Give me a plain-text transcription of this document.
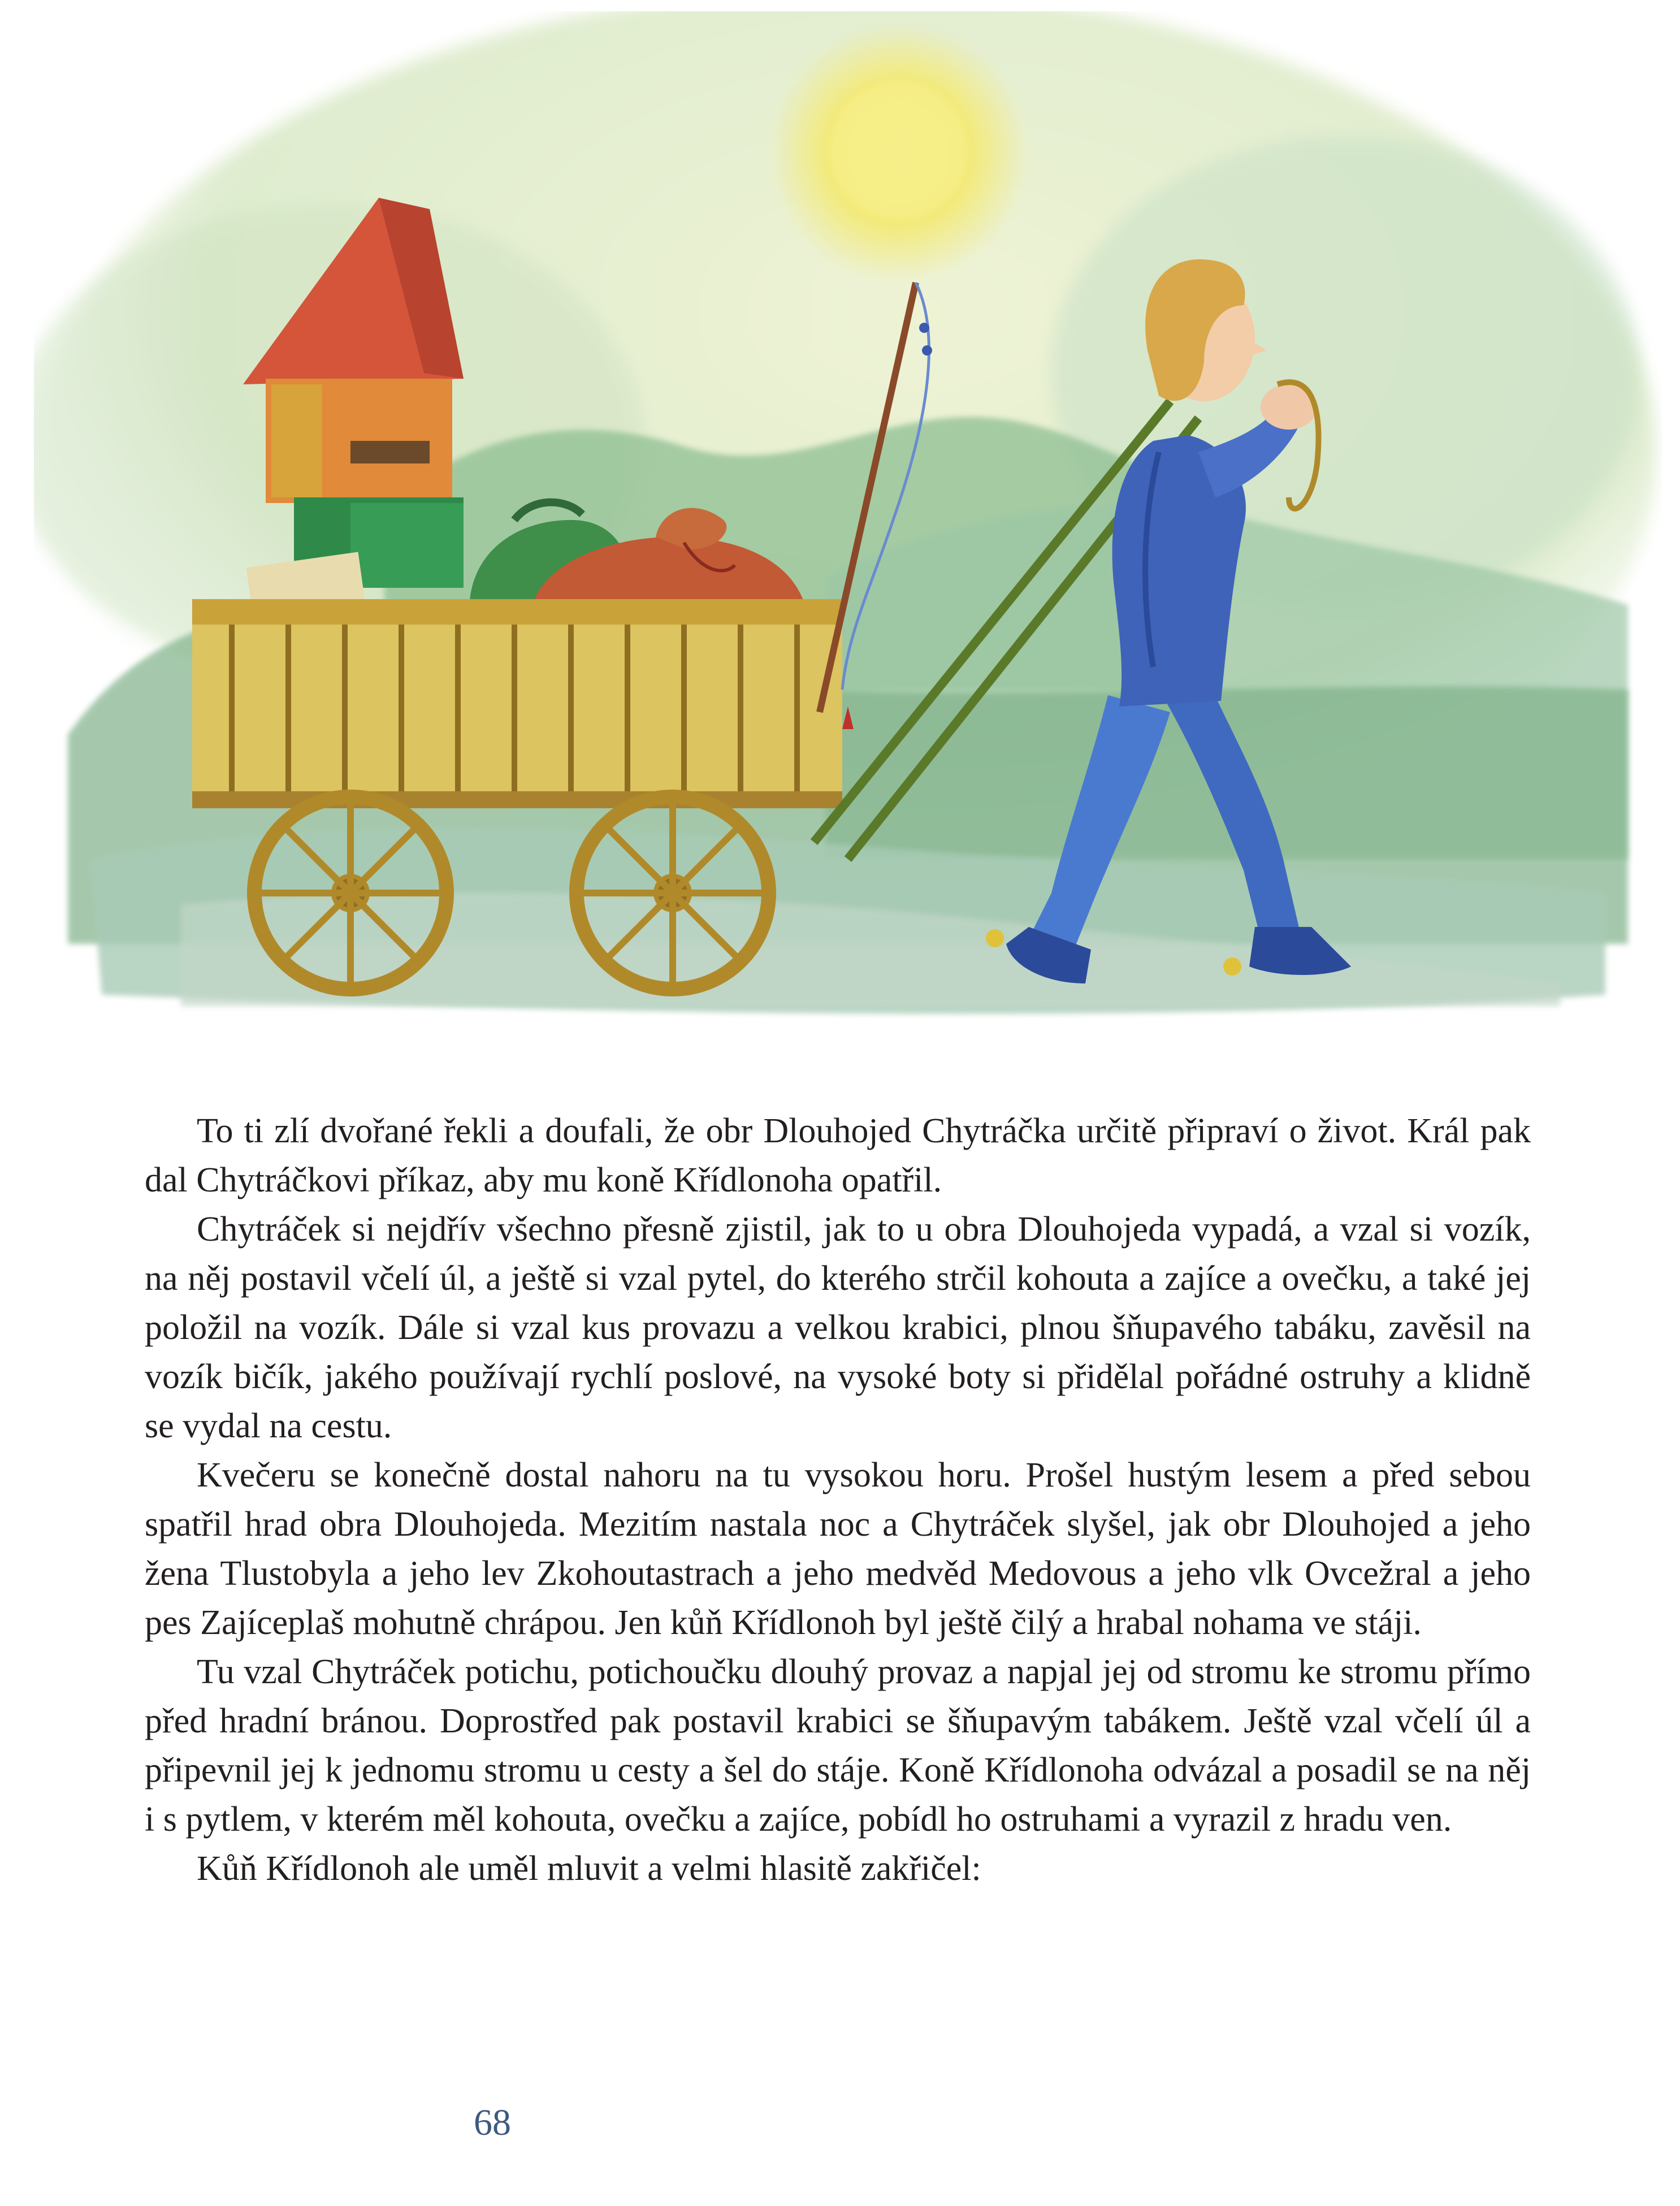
To ti zlí dvořané řekli a doufali, že obr Dlouhojed Chytráčka určitě připraví o život. Král pak dal Chytráčkovi příkaz, aby mu koně Křídlonoha opatřil.

Chytráček si nejdřív všechno přesně zjistil, jak to u obra Dlouhojeda vypadá, a vzal si vozík, na něj postavil včelí úl, a ještě si vzal pytel, do kterého strčil kohouta a zajíce a ovečku, a také jej položil na vozík. Dále si vzal kus provazu a velkou krabici, plnou šňupavého tabáku, zavěsil na vozík bičík, jakého používají rychlí poslové, na vysoké boty si přidělal pořádné ostruhy a klidně se vydal na cestu.

Kvečeru se konečně dostal nahoru na tu vysokou horu. Prošel hustým lesem a před sebou spatřil hrad obra Dlouhojeda. Mezitím nastala noc a Chytráček slyšel, jak obr Dlouhojed a jeho žena Tlustobyla a jeho lev Zkohoutastrach a jeho medvěd Medovous a jeho vlk Ovcežral a jeho pes Zajíceplaš mohutně chrápou. Jen kůň Křídlonoh byl ještě čilý a hrabal nohama ve stáji.

Tu vzal Chytráček potichu, potichoučku dlouhý provaz a napjal jej od stromu ke stromu přímo před hradní bránou. Doprostřed pak postavil krabici se šňupavým tabákem. Ještě vzal včelí úl a připevnil jej k jednomu stromu u cesty a šel do stáje. Koně Křídlonoha odvázal a posadil se na něj i s pytlem, v kterém měl kohouta, ovečku a zajíce, pobídl ho ostruhami a vyrazil z hradu ven.

Kůň Křídlonoh ale uměl mluvit a velmi hlasitě zakřičel:

68
